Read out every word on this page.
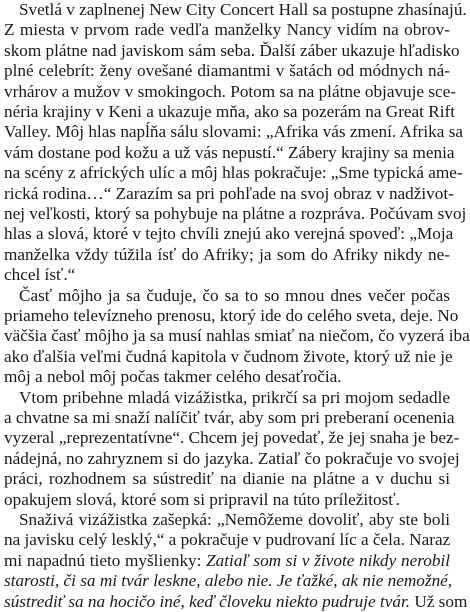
Svetlá v zaplnenej New City Concert Hall sa postupne zhasínajú.
Z miesta v prvom rade vedľa manželky Nancy vidím na obrov-
skom plátne nad javiskom sám seba. Ďalší záber ukazuje hľadisko
plné celebrít: ženy ovešané diamantmi v šatách od módnych ná-
vrhárov a mužov v smokingoch. Potom sa na plátne objavuje sce-
néria krajiny v Keni a ukazuje mňa, ako sa pozerám na Great Rift
Valley. Môj hlas napĺňa sálu slovami: „Afrika vás zmení. Afrika sa
vám dostane pod kožu a už vás nepustí.“ Zábery krajiny sa menia
na scény z afrických ulíc a môj hlas pokračuje: „Sme typická ame-
rická rodina…“ Zarazím sa pri pohľade na svoj obraz v nadživot-
nej veľkosti, ktorý sa pohybuje na plátne a rozpráva. Počúvam svoj
hlas a slová, ktoré v tejto chvíli znejú ako verejná spoveď: „Moja
manželka vždy túžila ísť do Afriky; ja som do Afriky nikdy ne-
chcel ísť.“
Časť môjho ja sa čuduje, čo sa to so mnou dnes večer počas
priameho televízneho prenosu, ktorý ide do celého sveta, deje. No
väčšia časť môjho ja sa musí nahlas smiať na niečom, čo vyzerá iba
ako ďalšia veľmi čudná kapitola v čudnom živote, ktorý už nie je
môj a nebol môj počas takmer celého desaťročia.
Vtom pribehne mladá vizážistka, prikrčí sa pri mojom sedadle
a chvatne sa mi snaží nalíčiť tvár, aby som pri preberaní ocenenia
vyzeral „reprezentatívne“. Chcem jej povedať, že jej snaha je bez-
nádejná, no zahryznem si do jazyka. Zatiaľ čo pokračuje vo svojej
práci, rozhodnem sa sústrediť na dianie na plátne a v duchu si
opakujem slová, ktoré som si pripravil na túto príležitosť.
Snaživá vizážistka zašepká: „Nemôžeme dovoliť, aby ste boli
na javisku celý lesklý,“ a pokračuje v pudrovaní líc a čela. Naraz
mi napadnú tieto myšlienky: Zatiaľ som si v živote nikdy nerobil
starosti, či sa mi tvár leskne, alebo nie. Je ťažké, ak nie nemožné,
sústrediť sa na hocičo iné, keď človeku niekto pudruje tvár. Už som
